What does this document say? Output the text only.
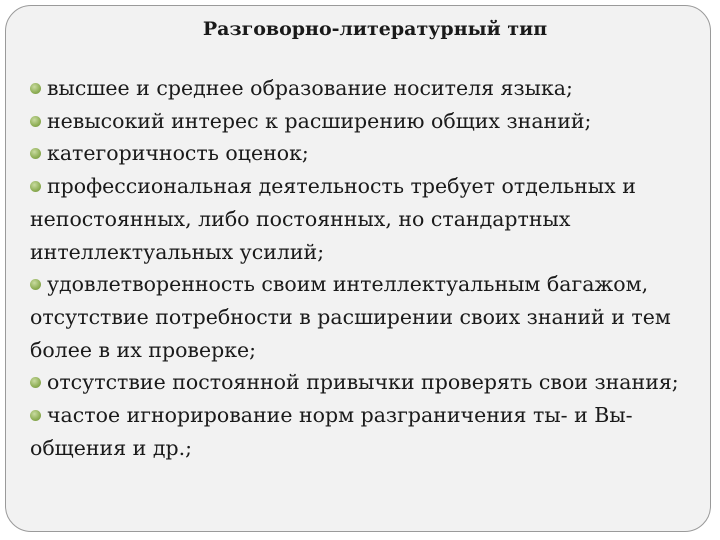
Разговорно-литературный тип
высшее и среднее образование носителя языка;
невысокий интерес к расширению общих знаний;
категоричность оценок;
профессиональная деятельность требует отдельных и непостоянных, либо постоянных, но стандартных интеллектуальных усилий;
удовлетворенность своим интеллектуальным багажом, отсутствие потребности в расширении своих знаний и тем более в их проверке;
отсутствие постоянной привычки проверять свои знания;
частое игнорирование норм разграничения ты- и Вы-общения и др.;
